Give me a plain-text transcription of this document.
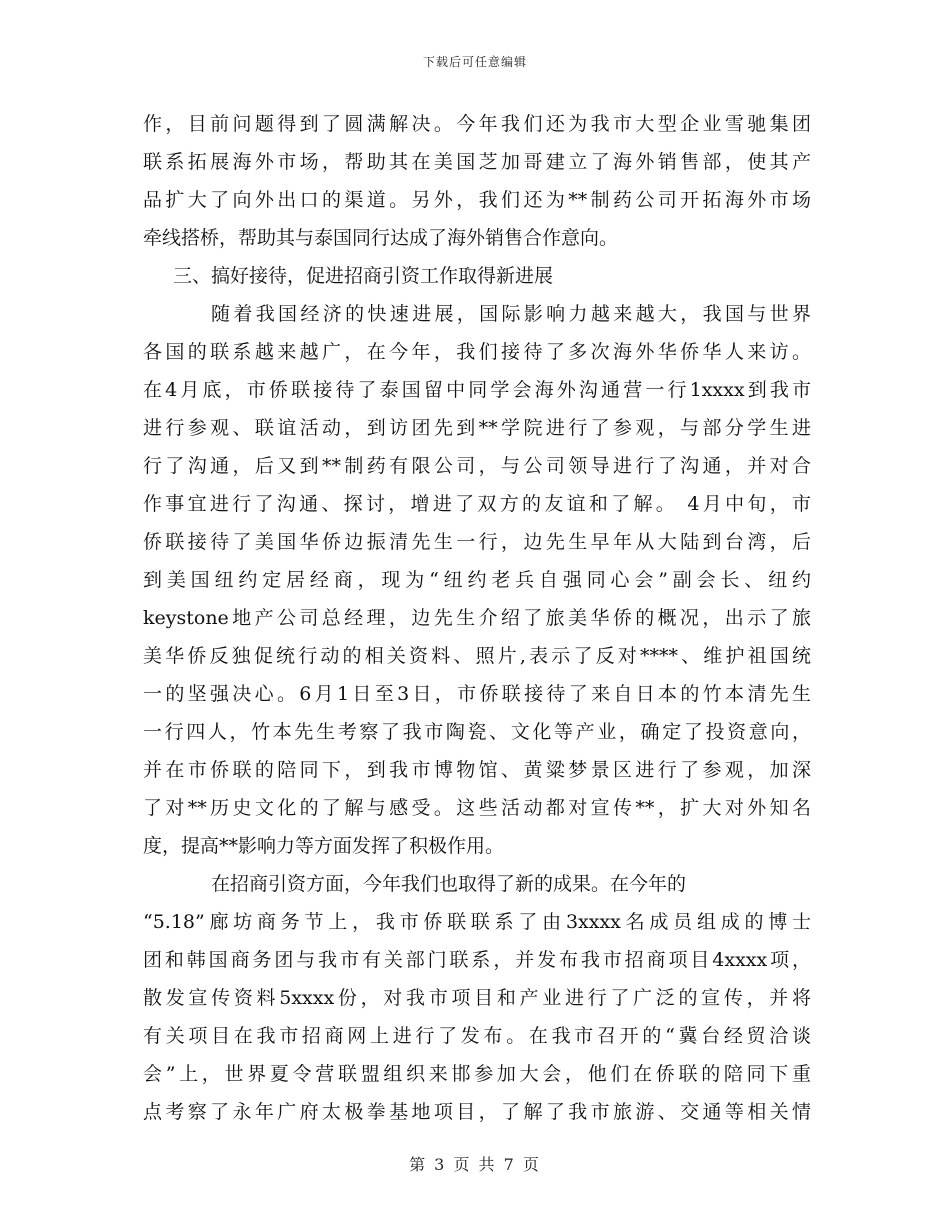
下载后可任意编辑
作，目前问题得到了圆满解决。今年我们还为我市大型企业雪驰集团
联系拓展海外市场，帮助其在美国芝加哥建立了海外销售部，使其产
品扩大了向外出口的渠道。另外，我们还为**制药公司开拓海外市场
牵线搭桥，帮助其与泰国同行达成了海外销售合作意向。
三、搞好接待，促进招商引资工作取得新进展
随着我国经济的快速进展，国际影响力越来越大，我国与世界
各国的联系越来越广，在今年，我们接待了多次海外华侨华人来访。
在4月底，市侨联接待了泰国留中同学会海外沟通营一行1xxxx到我市
进行参观、联谊活动，到访团先到**学院进行了参观，与部分学生进
行了沟通，后又到**制药有限公司，与公司领导进行了沟通，并对合
作事宜进行了沟通、探讨，增进了双方的友谊和了解。 4月中旬，市
侨联接待了美国华侨边振清先生一行，边先生早年从大陆到台湾，后
到美国纽约定居经商，现为“纽约老兵自强同心会”副会长、纽约
keystone地产公司总经理，边先生介绍了旅美华侨的概况，出示了旅
美华侨反独促统行动的相关资料、照片,表示了反对****、维护祖国统
一的坚强决心。6月1日至3日，市侨联接待了来自日本的竹本清先生
一行四人，竹本先生考察了我市陶瓷、文化等产业，确定了投资意向，
并在市侨联的陪同下，到我市博物馆、黄粱梦景区进行了参观，加深
了对**历史文化的了解与感受。这些活动都对宣传**，扩大对外知名
度，提高**影响力等方面发挥了积极作用。
在招商引资方面，今年我们也取得了新的成果。在今年的
“5.18”廊坊商务节上，我市侨联联系了由3xxxx名成员组成的博士
团和韩国商务团与我市有关部门联系，并发布我市招商项目4xxxx项，
散发宣传资料5xxxx份，对我市项目和产业进行了广泛的宣传，并将
有关项目在我市招商网上进行了发布。在我市召开的“冀台经贸洽谈
会”上，世界夏令营联盟组织来邯参加大会，他们在侨联的陪同下重
点考察了永年广府太极拳基地项目，了解了我市旅游、交通等相关情
第 3 页 共 7 页
